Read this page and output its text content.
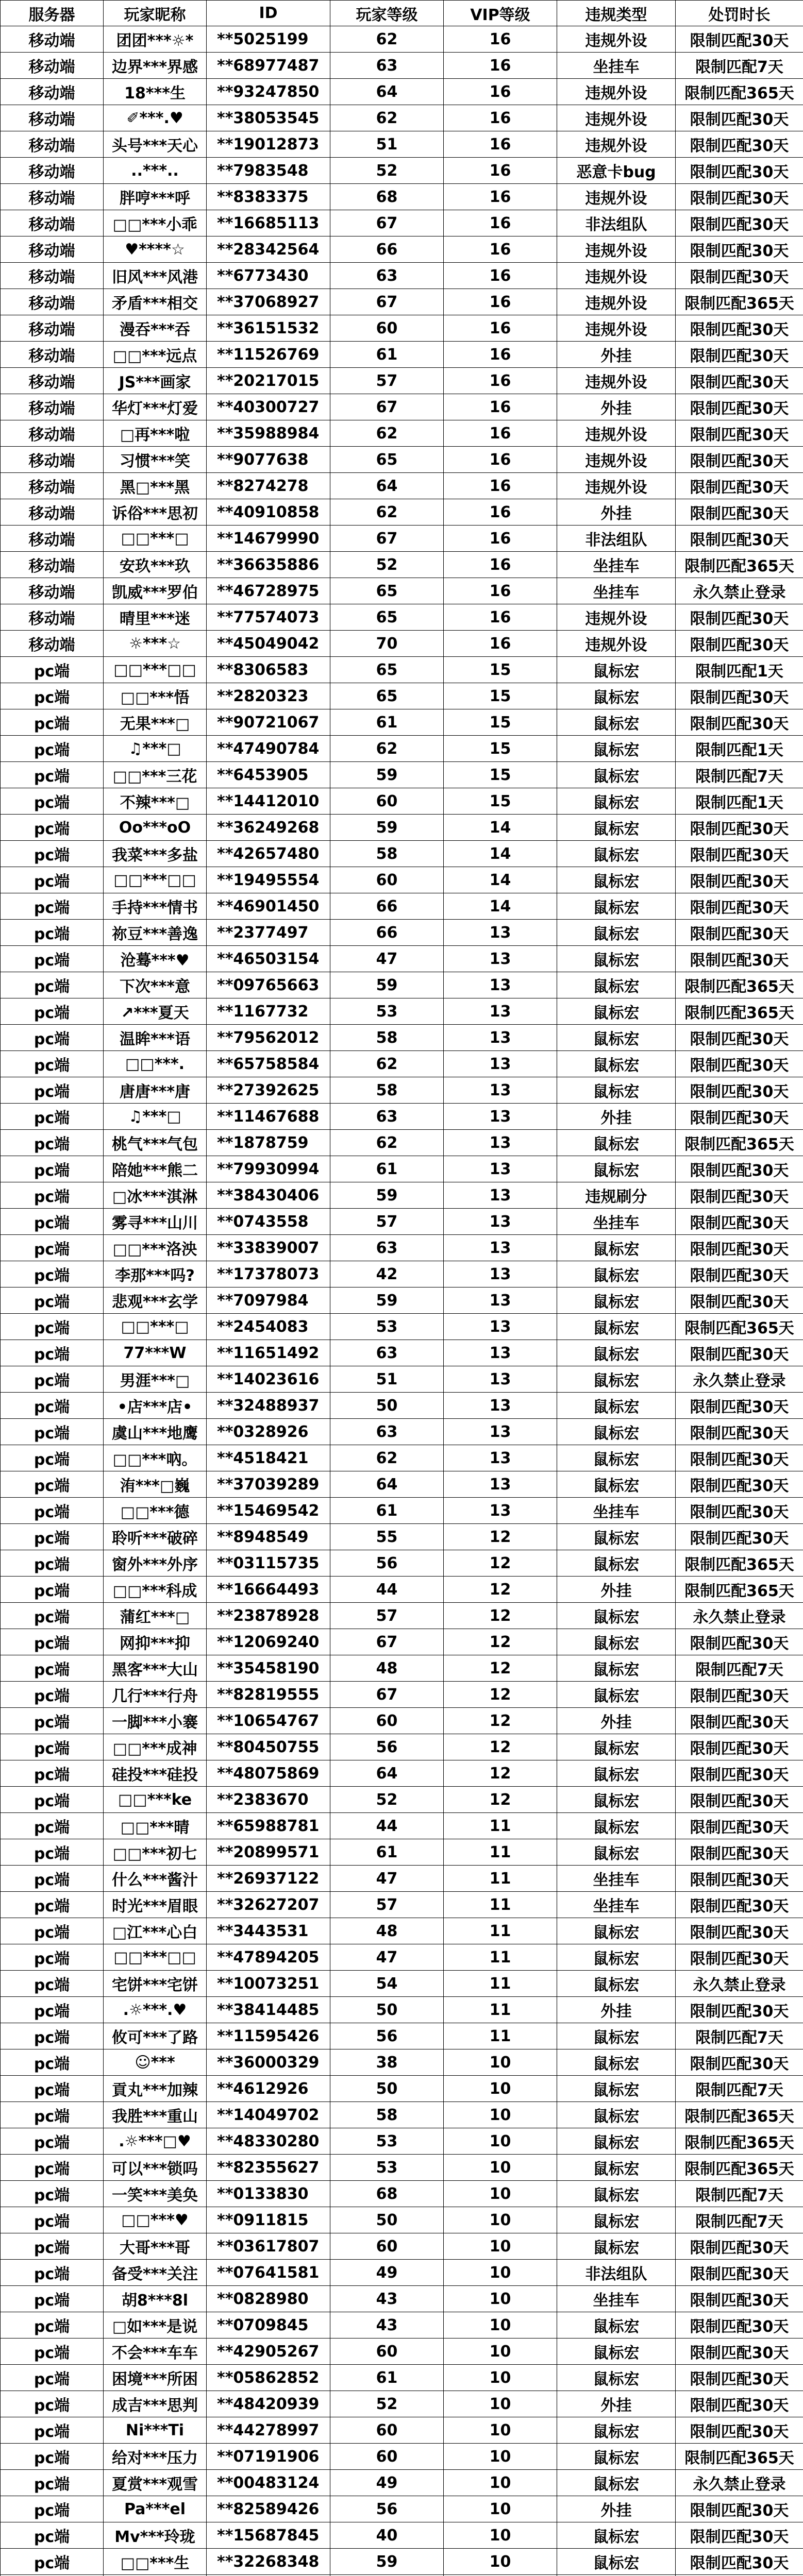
服务器	玩家昵称	ID	玩家等级	VIP等级	违规类型	处罚时长
移动端	团团***☼*	**5025199	62	16	违规外设	限制匹配30天
移动端	边界***界感	**68977487	63	16	坐挂车	限制匹配7天
移动端	18***生	**93247850	64	16	违规外设	限制匹配365天
移动端	✐***.♥	**38053545	62	16	违规外设	限制匹配30天
移动端	头号***天心	**19012873	51	16	违规外设	限制匹配30天
移动端	..***..	**7983548	52	16	恶意卡bug	限制匹配30天
移动端	胖哼***呼	**8383375	68	16	违规外设	限制匹配30天
移动端	□□***小乖	**16685113	67	16	非法组队	限制匹配30天
移动端	♥****☆	**28342564	66	16	违规外设	限制匹配30天
移动端	旧风***风港	**6773430	63	16	违规外设	限制匹配30天
移动端	矛盾***相交	**37068927	67	16	违规外设	限制匹配365天
移动端	漫吞***吞	**36151532	60	16	违规外设	限制匹配30天
移动端	□□***远点	**11526769	61	16	外挂	限制匹配30天
移动端	JS***画家	**20217015	57	16	违规外设	限制匹配30天
移动端	华灯***灯爱	**40300727	67	16	外挂	限制匹配30天
移动端	□再***啦	**35988984	62	16	违规外设	限制匹配30天
移动端	习惯***笑	**9077638	65	16	违规外设	限制匹配30天
移动端	黑□***黑	**8274278	64	16	违规外设	限制匹配30天
移动端	诉俗***思初	**40910858	62	16	外挂	限制匹配30天
移动端	□□***□	**14679990	67	16	非法组队	限制匹配30天
移动端	安玖***玖	**36635886	52	16	坐挂车	限制匹配365天
移动端	凯威***罗伯	**46728975	65	16	坐挂车	永久禁止登录
移动端	晴里***迷	**77574073	65	16	违规外设	限制匹配30天
移动端	☼***☆	**45049042	70	16	违规外设	限制匹配30天
pc端	□□***□□	**8306583	65	15	鼠标宏	限制匹配1天
pc端	□□***悟	**2820323	65	15	鼠标宏	限制匹配30天
pc端	无果***□	**90721067	61	15	鼠标宏	限制匹配30天
pc端	♫***□	**47490784	62	15	鼠标宏	限制匹配1天
pc端	□□***三花	**6453905	59	15	鼠标宏	限制匹配7天
pc端	不辣***□	**14412010	60	15	鼠标宏	限制匹配1天
pc端	Oo***oO	**36249268	59	14	鼠标宏	限制匹配30天
pc端	我菜***多盐	**42657480	58	14	鼠标宏	限制匹配30天
pc端	□□***□□	**19495554	60	14	鼠标宏	限制匹配30天
pc端	手持***情书	**46901450	66	14	鼠标宏	限制匹配30天
pc端	祢豆***善逸	**2377497	66	13	鼠标宏	限制匹配30天
pc端	沧蓦***♥	**46503154	47	13	鼠标宏	限制匹配30天
pc端	下次***意	**09765663	59	13	鼠标宏	限制匹配365天
pc端	↗***夏天	**1167732	53	13	鼠标宏	限制匹配365天
pc端	温眸***语	**79562012	58	13	鼠标宏	限制匹配30天
pc端	□□***.	**65758584	62	13	鼠标宏	限制匹配30天
pc端	唐唐***唐	**27392625	58	13	鼠标宏	限制匹配30天
pc端	♫***□	**11467688	63	13	外挂	限制匹配30天
pc端	桃气***气包	**1878759	62	13	鼠标宏	限制匹配365天
pc端	陪她***熊二	**79930994	61	13	鼠标宏	限制匹配30天
pc端	□冰***淇淋	**38430406	59	13	违规刷分	限制匹配30天
pc端	雾寻***山川	**0743558	57	13	坐挂车	限制匹配30天
pc端	□□***洛泱	**33839007	63	13	鼠标宏	限制匹配30天
pc端	李那***吗?	**17378073	42	13	鼠标宏	限制匹配30天
pc端	悲观***玄学	**7097984	59	13	鼠标宏	限制匹配30天
pc端	□□***□	**2454083	53	13	鼠标宏	限制匹配365天
pc端	77***W	**11651492	63	13	鼠标宏	限制匹配30天
pc端	男涯***□	**14023616	51	13	鼠标宏	永久禁止登录
pc端	•店***店•	**32488937	50	13	鼠标宏	限制匹配30天
pc端	虞山***地鹰	**0328926	63	13	鼠标宏	限制匹配30天
pc端	□□***吶。	**4518421	62	13	鼠标宏	限制匹配30天
pc端	洧***□巍	**37039289	64	13	鼠标宏	限制匹配30天
pc端	□□***德	**15469542	61	13	坐挂车	限制匹配30天
pc端	聆听***破碎	**8948549	55	12	鼠标宏	限制匹配30天
pc端	窗外***外序	**03115735	56	12	鼠标宏	限制匹配365天
pc端	□□***科成	**16664493	44	12	外挂	限制匹配365天
pc端	蒲红***□	**23878928	57	12	鼠标宏	永久禁止登录
pc端	网抑***抑	**12069240	67	12	鼠标宏	限制匹配30天
pc端	黑客***大山	**35458190	48	12	鼠标宏	限制匹配7天
pc端	几行***行舟	**82819555	67	12	鼠标宏	限制匹配30天
pc端	一脚***小褰	**10654767	60	12	外挂	限制匹配30天
pc端	□□***成神	**80450755	56	12	鼠标宏	限制匹配30天
pc端	硅投***硅投	**48075869	64	12	鼠标宏	限制匹配30天
pc端	□□***ke	**2383670	52	12	鼠标宏	限制匹配30天
pc端	□□***晴	**65988781	44	11	鼠标宏	限制匹配30天
pc端	□□***初七	**20899571	61	11	鼠标宏	限制匹配30天
pc端	什么***酱汁	**26937122	47	11	坐挂车	限制匹配30天
pc端	时光***眉眼	**32627207	57	11	坐挂车	限制匹配30天
pc端	□江***心白	**3443531	48	11	鼠标宏	限制匹配30天
pc端	□□***□□	**47894205	47	11	鼠标宏	限制匹配30天
pc端	宅饼***宅饼	**10073251	54	11	鼠标宏	永久禁止登录
pc端	.☼***.♥	**38414485	50	11	外挂	限制匹配30天
pc端	攸可***了路	**11595426	56	11	鼠标宏	限制匹配7天
pc端	☺***	**36000329	38	10	鼠标宏	限制匹配30天
pc端	貢丸***加辣	**4612926	50	10	鼠标宏	限制匹配7天
pc端	我胜***重山	**14049702	58	10	鼠标宏	限制匹配365天
pc端	.☼***□♥	**48330280	53	10	鼠标宏	限制匹配365天
pc端	可以***锁吗	**82355627	53	10	鼠标宏	限制匹配365天
pc端	一笑***美奂	**0133830	68	10	鼠标宏	限制匹配7天
pc端	□□***♥	**0911815	50	10	鼠标宏	限制匹配7天
pc端	大哥***哥	**03617807	60	10	鼠标宏	限制匹配30天
pc端	备受***关注	**07641581	49	10	非法组队	限制匹配30天
pc端	胡8***8l	**0828980	43	10	坐挂车	限制匹配30天
pc端	□如***是说	**0709845	43	10	鼠标宏	限制匹配30天
pc端	不会***车车	**42905267	60	10	鼠标宏	限制匹配30天
pc端	困境***所困	**05862852	61	10	鼠标宏	限制匹配30天
pc端	成吉***思判	**48420939	52	10	外挂	限制匹配30天
pc端	Ni***Ti	**44278997	60	10	鼠标宏	限制匹配30天
pc端	给对***压力	**07191906	60	10	鼠标宏	限制匹配365天
pc端	夏赏***观雪	**00483124	49	10	鼠标宏	永久禁止登录
pc端	Pa***el	**82589426	56	10	外挂	限制匹配30天
pc端	Mv***玲珑	**15687845	40	10	鼠标宏	限制匹配30天
pc端	□□***生	**32268348	59	10	鼠标宏	限制匹配30天
